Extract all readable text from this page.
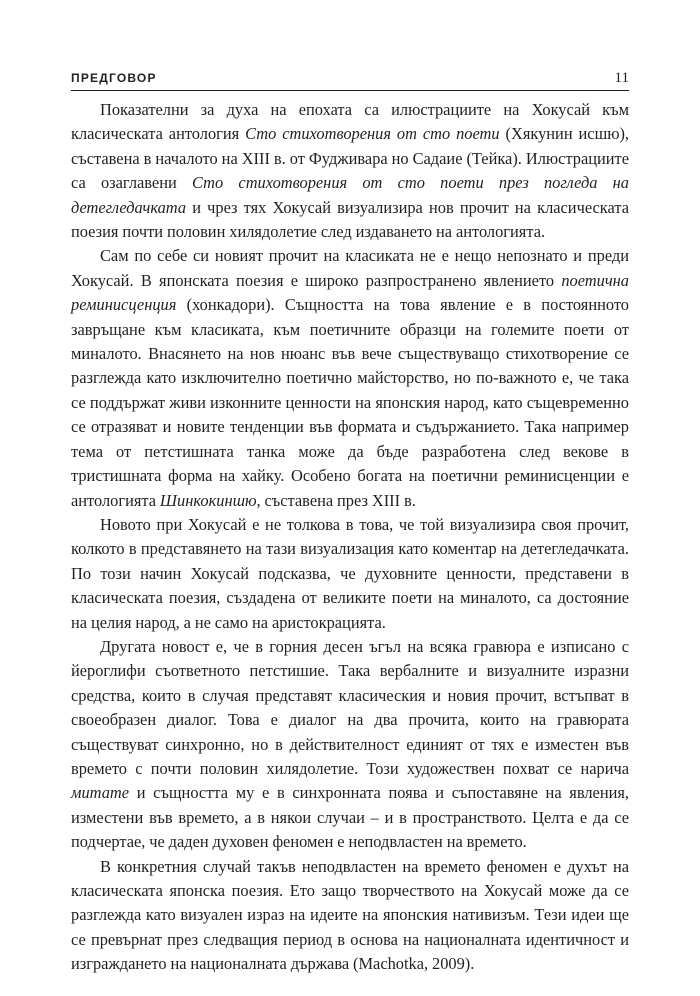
ПРЕДГОВОР	11

Показателни за духа на епохата са илюстрациите на Хокусай към класическата антология Сто стихотворения от сто поети (Хякунин исшю), съставена в началото на XIII в. от Фудживара но Садаие (Тейка). Илюстрациите са озаглавени Сто стихотворения от сто поети през погледа на детегледачката и чрез тях Хокусай визуализира нов прочит на класическата поезия почти половин хилядолетие след издаването на антологията.

Сам по себе си новият прочит на класиката не е нещо непознато и преди Хокусай. В японската поезия е широко разпространено явлението поетична реминисценция (хонкадори). Същността на това явление е в постоянното завръщане към класиката, към поетичните образци на големите поети от миналото. Внасянето на нов нюанс във вече съществуващо стихотворение се разглежда като изключително поетично майсторство, но по-важното е, че така се поддържат живи изконните ценности на японския народ, като същевременно се отразяват и новите тенденции във формата и съдържанието. Така например тема от петстишната танка може да бъде разработена след векове в тристишната форма на хайку. Особено богата на поетични реминисценции е антологията Шинкокиншю, съставена през XIII в.

Новото при Хокусай е не толкова в това, че той визуализира своя прочит, колкото в представянето на тази визуализация като коментар на детегледачката. По този начин Хокусай подсказва, че духовните ценности, представени в класическата поезия, създадена от великите поети на миналото, са достояние на целия народ, а не само на аристокрацията.

Другата новост е, че в горния десен ъгъл на всяка гравюра е изписано с йероглифи съответното петстишие. Така вербалните и визуалните изразни средства, които в случая представят класическия и новия прочит, встъпват в своеобразен диалог. Това е диалог на два прочита, които на гравюрата съществуват синхронно, но в действителност единият от тях е изместен във времето с почти половин хилядолетие. Този художествен похват се нарича митате и същността му е в синхронната поява и съпоставяне на явления, изместени във времето, а в някои случаи – и в пространството. Целта е да се подчертае, че даден духовен феномен е неподвластен на времето.

В конкретния случай такъв неподвластен на времето феномен е духът на класическата японска поезия. Ето защо творчеството на Хокусай може да се разглежда като визуален израз на идеите на японския нативизъм. Тези идеи ще се превърнат през следващия период в основа на националната идентичност и изграждането на националната държава (Machotka, 2009).
